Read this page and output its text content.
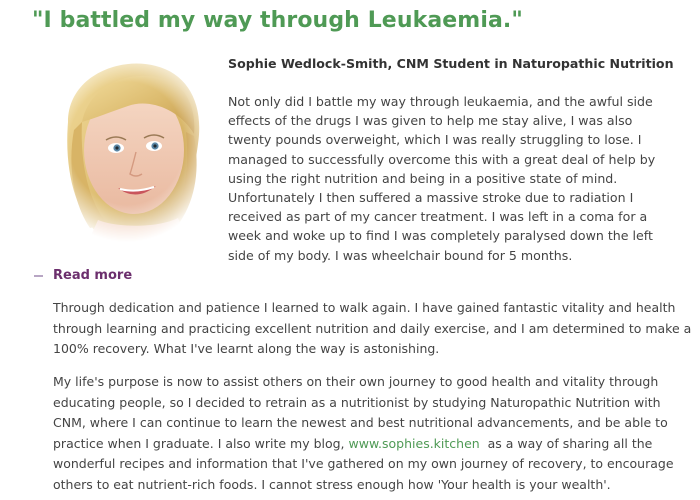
"I battled my way through Leukaemia."

Sophie Wedlock-Smith, CNM Student in Naturopathic Nutrition

Not only did I battle my way through leukaemia, and the awful side effects of the drugs I was given to help me stay alive, I was also twenty pounds overweight, which I was really struggling to lose. I managed to successfully overcome this with a great deal of help by using the right nutrition and being in a positive state of mind. Unfortunately I then suffered a massive stroke due to radiation I received as part of my cancer treatment. I was left in a coma for a week and woke up to find I was completely paralysed down the left side of my body. I was wheelchair bound for 5 months.

Read more

Through dedication and patience I learned to walk again. I have gained fantastic vitality and health through learning and practicing excellent nutrition and daily exercise, and I am determined to make a 100% recovery. What I've learnt along the way is astonishing.

My life's purpose is now to assist others on their own journey to good health and vitality through educating people, so I decided to retrain as a nutritionist by studying Naturopathic Nutrition with CNM, where I can continue to learn the newest and best nutritional advancements, and be able to practice when I graduate. I also write my blog, www.sophies.kitchen  as a way of sharing all the wonderful recipes and information that I've gathered on my own journey of recovery, to encourage others to eat nutrient-rich foods. I cannot stress enough how 'Your health is your wealth'.
